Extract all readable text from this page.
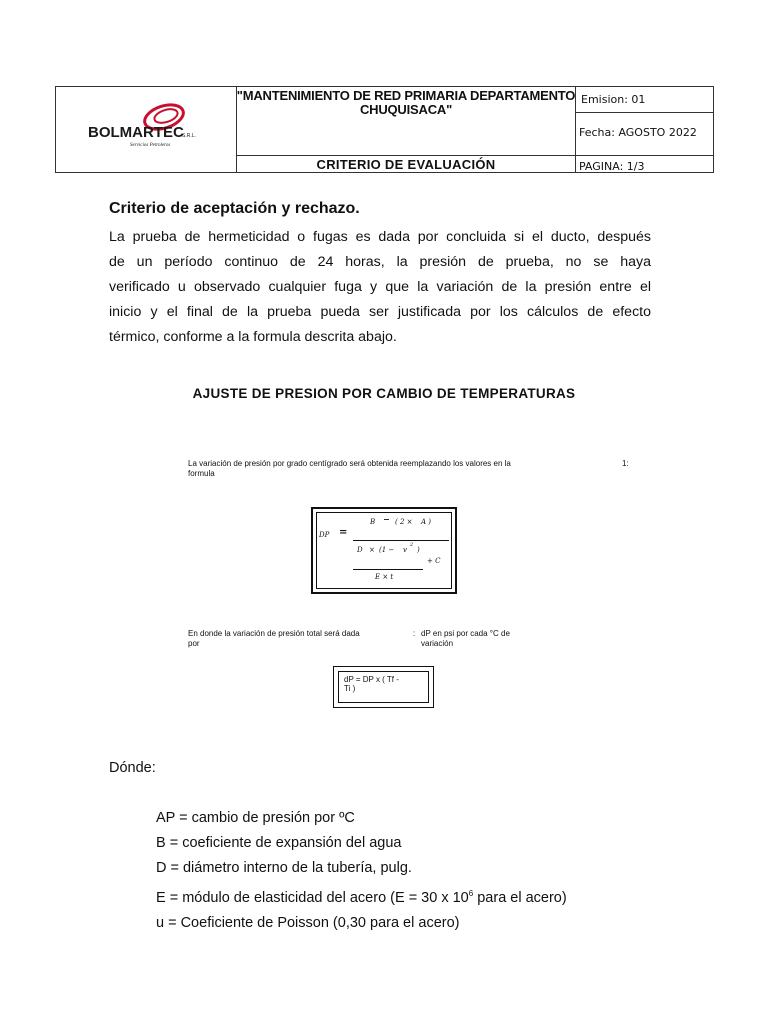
BOLMARTEC
S.R.L.
Servicios Petroleros
"MANTENIMIENTO DE RED PRIMARIA DEPARTAMENTO
CHUQUISACA"
CRITERIO DE EVALUACIÓN
Emision: 01
Fecha: AGOSTO 2022
PAGINA: 1/3
Criterio de aceptación y rechazo.
La prueba de hermeticidad o fugas es dada por concluida si el ducto, después
de un período continuo de 24 horas, la presión de prueba, no se haya
verificado u observado cualquier fuga y que la variación de la presión entre el
inicio y el final de la prueba pueda ser justificada por los cálculos de efecto
térmico, conforme a la formula descrita abajo.
AJUSTE DE PRESION POR CAMBIO DE TEMPERATURAS
La variación de presión por grado centígrado será obtenida reemplazando los valores en la
formula
1:
DP =
B − ( 2 × A )
D × (1 − v
2
)
+ C
E × t
En donde la variación de presión total será dada
por
: dP en psi por cada °C de
variación
dP = DP x ( Tf -
Ti )
Dónde:
AP = cambio de presión por ºC
B = coeficiente de expansión del agua
D = diámetro interno de la tubería, pulg.
E = módulo de elasticidad del acero (E = 30 x $10^6$ para el acero)
u = Coeficiente de Poisson (0,30 para el acero)
